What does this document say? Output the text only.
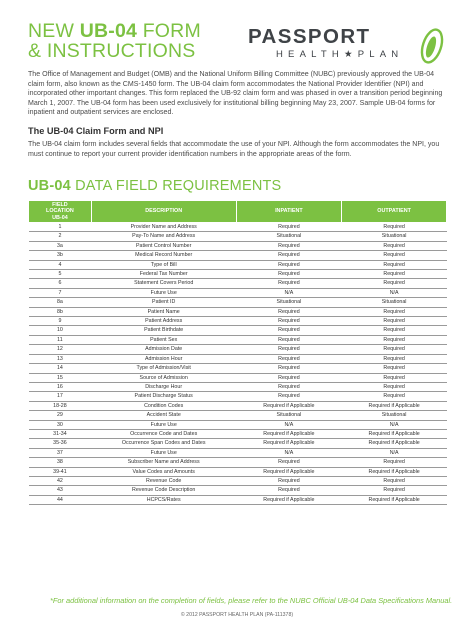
NEW UB-04 FORM
& INSTRUCTIONS
PASSPORT
HEALTH★PLAN
The Office of Management and Budget (OMB) and the National Uniform Billing Committee (NUBC) previously approved the UB-04 claim form, also known as the CMS-1450 form. The UB-04 claim form accommodates the National Provider Identifier (NPI) and incorporated other important changes. This form replaced the UB-92 claim form and was phased in over a transition period beginning March 1, 2007. The UB-04 form has been used exclusively for institutional billing beginning May 23, 2007. Sample UB-04 forms for inpatient and outpatient services are enclosed.
The UB-04 Claim Form and NPI
The UB-04 claim form includes several fields that accommodate the use of your NPI. Although the form accommodates the NPI, you must continue to report your current provider identification numbers in the appropriate areas of the form.
UB-04 DATA FIELD REQUIREMENTS
FIELD LOCATION UB-04	DESCRIPTION	INPATIENT	OUTPATIENT
1	Provider Name and Address	Required	Required
2	Pay-To Name and Address	Situational	Situational
3a	Patient Control Number	Required	Required
3b	Medical Record Number	Required	Required
4	Type of Bill	Required	Required
5	Federal Tax Number	Required	Required
6	Statement Covers Period	Required	Required
7	Future Use	N/A	N/A
8a	Patient ID	Situational	Situational
8b	Patient Name	Required	Required
9	Patient Address	Required	Required
10	Patient Birthdate	Required	Required
11	Patient Sex	Required	Required
12	Admission Date	Required	Required
13	Admission Hour	Required	Required
14	Type of Admission/Visit	Required	Required
15	Source of Admission	Required	Required
16	Discharge Hour	Required	Required
17	Patient Discharge Status	Required	Required
18-28	Condition Codes	Required if Applicable	Required if Applicable
29	Accident State	Situational	Situational
30	Future Use	N/A	N/A
31-34	Occurrence Code and Dates	Required if Applicable	Required if Applicable
35-36	Occurrence Span Codes and Dates	Required if Applicable	Required if Applicable
37	Future Use	N/A	N/A
38	Subscriber Name and Address	Required	Required
39-41	Value Codes and Amounts	Required if Applicable	Required if Applicable
42	Revenue Code	Required	Required
43	Revenue Code Description	Required	Required
44	HCPCS/Rates	Required if Applicable	Required if Applicable
*For additional information on the completion of fields, please refer to the NUBC Official UB-04 Data Specifications Manual.
© 2012 PASSPORT HEALTH PLAN (PA-111378)
